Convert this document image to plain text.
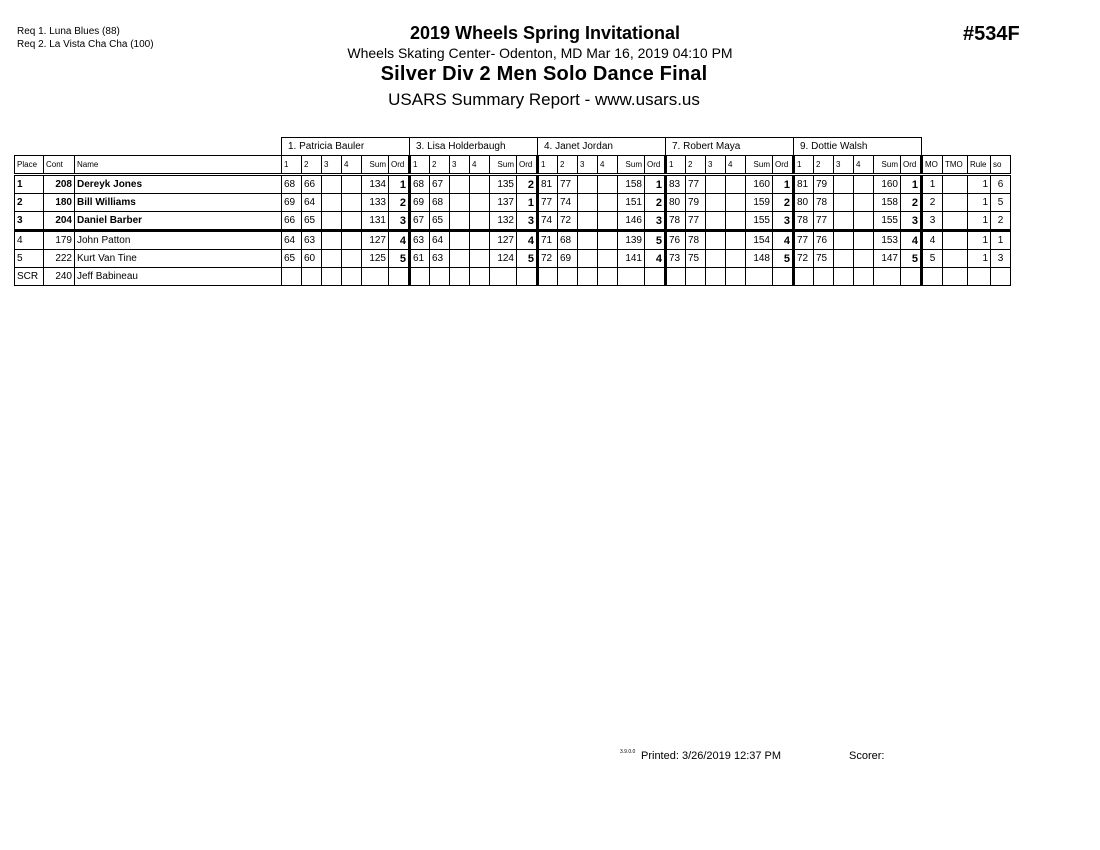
Req 1. Luna Blues (88)
Req 2. La Vista Cha Cha (100)
2019 Wheels Spring Invitational
Wheels Skating Center- Odenton, MD Mar 16, 2019 04:10 PM
Silver Div 2 Men Solo Dance Final
USARS Summary Report - www.usars.us
#534F
			1. Patricia Bauler						3. Lisa Holderbaugh						4. Janet Jordan						7. Robert Maya						9. Dottie Walsh									
Place	Cont	Name	1	2	3	4	Sum	Ord	1	2	3	4	Sum	Ord	1	2	3	4	Sum	Ord	1	2	3	4	Sum	Ord	1	2	3	4	Sum	Ord	MO	TMO	Rule	so
1	208	Dereyk Jones	68	66			134	1	68	67			135	2	81	77			158	1	83	77			160	1	81	79			160	1	1		1	6
2	180	Bill Williams	69	64			133	2	69	68			137	1	77	74			151	2	80	79			159	2	80	78			158	2	2		1	5
3	204	Daniel Barber	66	65			131	3	67	65			132	3	74	72			146	3	78	77			155	3	78	77			155	3	3		1	2
4	179	John Patton	64	63			127	4	63	64			127	4	71	68			139	5	76	78			154	4	77	76			153	4	4		1	1
5	222	Kurt Van Tine	65	60			125	5	61	63			124	5	72	69			141	4	73	75			148	5	72	75			147	5	5		1	3
SCR	240	Jeff Babineau																																		
3.9.0.0 Printed: 3/26/2019 12:37 PM	Scorer:
